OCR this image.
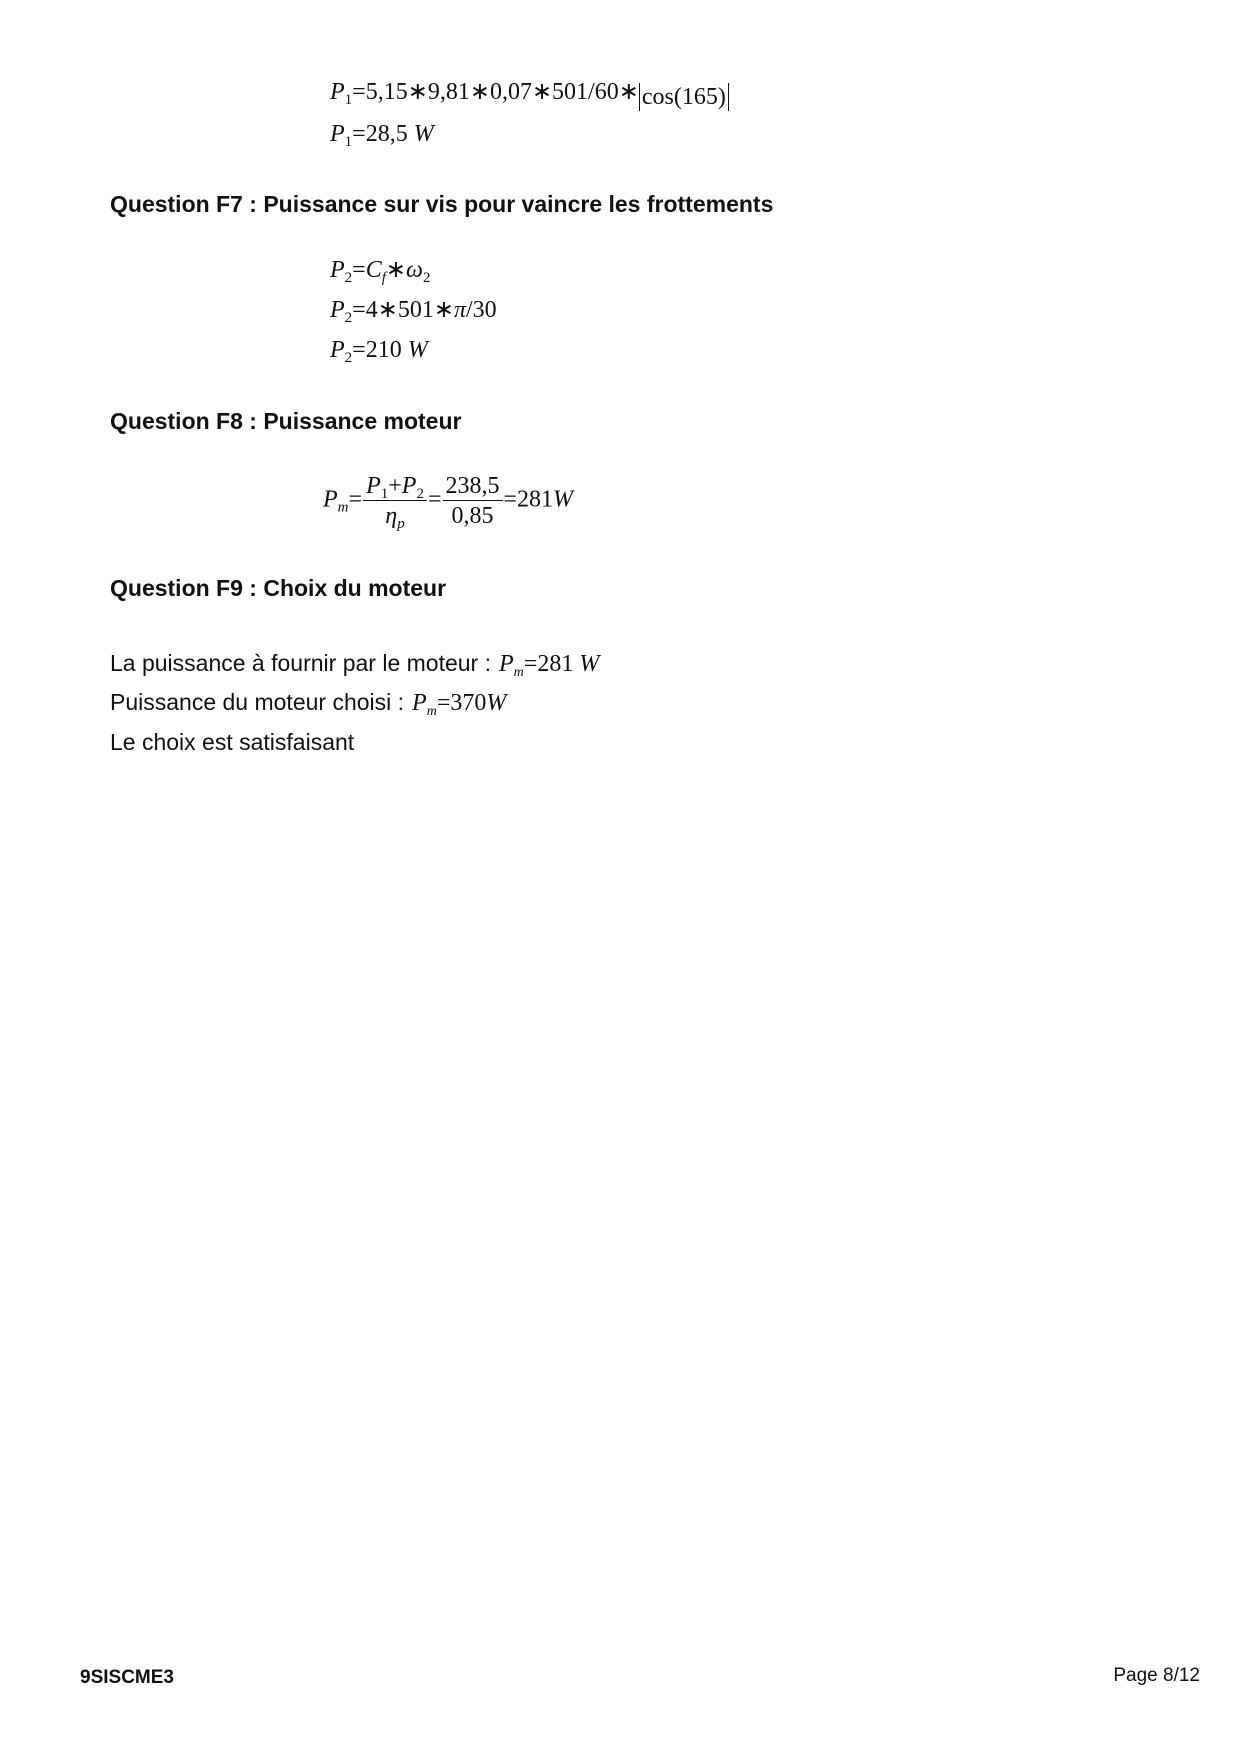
$P_1=5,15∗9,81∗0,07∗501/60∗$ cos(165)
$P_1=28,5$ W
Question F7 : Puissance sur vis pour vaincre les frottements
$P_2=C_f∗\omega_2$
$P_2=4∗501∗\pi/30$
$P_2=210$ W
Question F8 : Puissance moteur
$P_m= \frac{P_1+P_2}{\eta_p} = \frac{238,5}{0,85} =281W$
Question F9 : Choix du moteur
La puissance à fournir par le moteur : $P_m=281$ W
Puissance du moteur choisi : $P_m=370W$
Le choix est satisfaisant
9SISCME3	Page 8/12
